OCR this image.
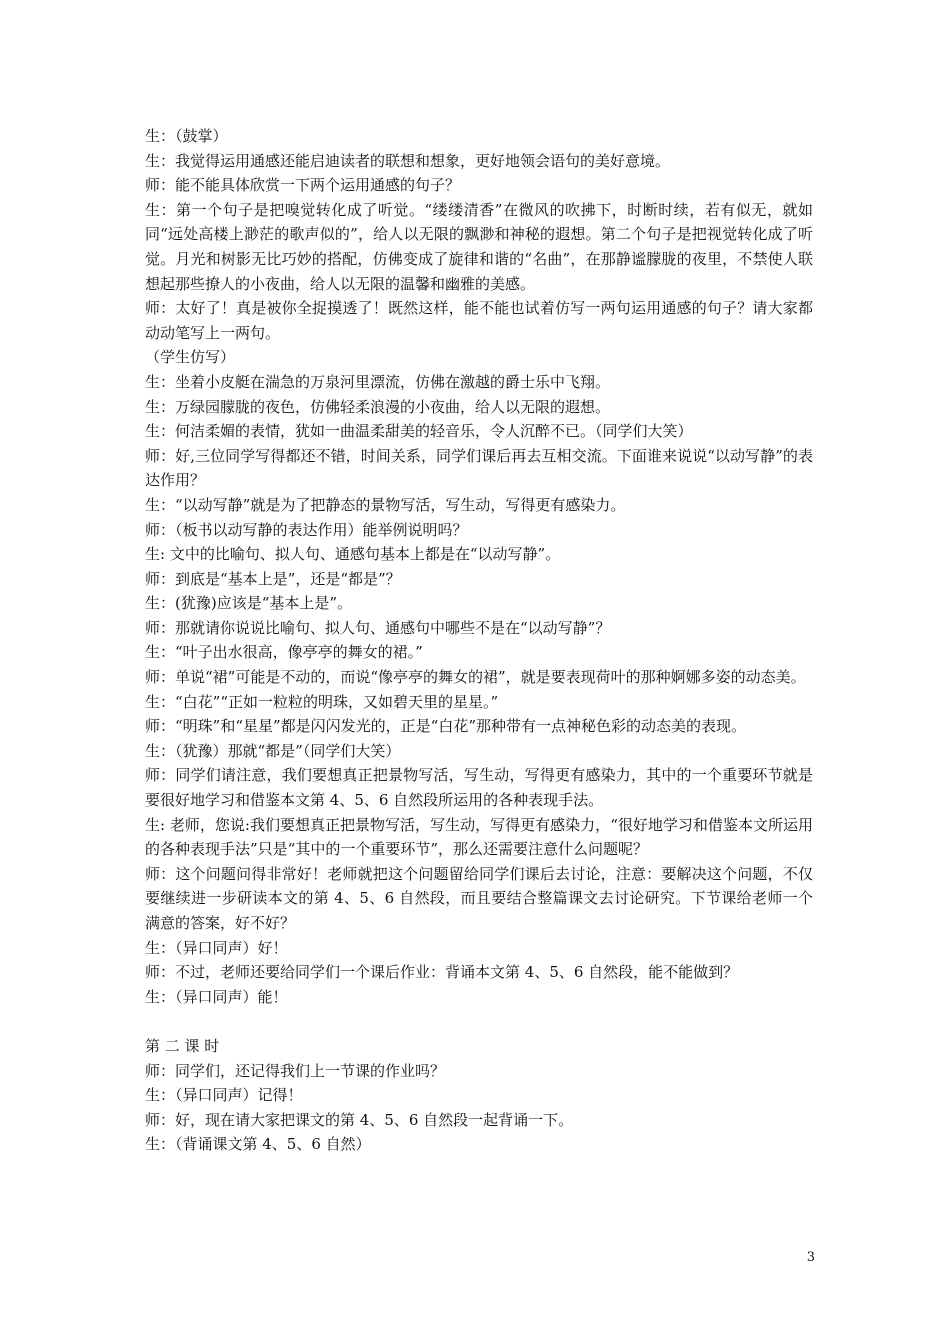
生：（鼓掌）

生：我觉得运用通感还能启迪读者的联想和想象，更好地领会语句的美好意境。

师：能不能具体欣赏一下两个运用通感的句子？

生：第一个句子是把嗅觉转化成了听觉。“缕缕清香”在微风的吹拂下，时断时续，若有似无，就如同“远处高楼上渺茫的歌声似的”，给人以无限的飘渺和神秘的遐想。第二个句子是把视觉转化成了听觉。月光和树影无比巧妙的搭配，仿佛变成了旋律和谐的“名曲”，在那静谧朦胧的夜里，不禁使人联想起那些撩人的小夜曲，给人以无限的温馨和幽雅的美感。

师：太好了！真是被你全捉摸透了！既然这样，能不能也试着仿写一两句运用通感的句子？请大家都动动笔写上一两句。

（学生仿写）

生：坐着小皮艇在湍急的万泉河里漂流，仿佛在激越的爵士乐中飞翔。

生：万绿园朦胧的夜色，仿佛轻柔浪漫的小夜曲，给人以无限的遐想。

生：何洁柔媚的表情，犹如一曲温柔甜美的轻音乐，令人沉醉不已。（同学们大笑）

师：好,三位同学写得都还不错，时间关系，同学们课后再去互相交流。下面谁来说说“以动写静”的表达作用？

生：“以动写静”就是为了把静态的景物写活，写生动，写得更有感染力。

师：（板书以动写静的表达作用）能举例说明吗？

生: 文中的比喻句、拟人句、通感句基本上都是在“以动写静”。

师：到底是“基本上是”，还是“都是”？

生：(犹豫)应该是“基本上是”。

师：那就请你说说比喻句、拟人句、通感句中哪些不是在“以动写静”？

生：“叶子出水很高，像亭亭的舞女的裙。”

师：单说“裙”可能是不动的，而说“像亭亭的舞女的裙”，就是要表现荷叶的那种婀娜多姿的动态美。

生：“白花”“正如一粒粒的明珠，又如碧天里的星星。”

师：“明珠”和“星星”都是闪闪发光的，正是“白花”那种带有一点神秘色彩的动态美的表现。

生：（犹豫）那就“都是”（同学们大笑）

师：同学们请注意，我们要想真正把景物写活，写生动，写得更有感染力，其中的一个重要环节就是要很好地学习和借鉴本文第 4、5、6 自然段所运用的各种表现手法。

生: 老师，您说:我们要想真正把景物写活，写生动，写得更有感染力，“很好地学习和借鉴本文所运用的各种表现手法”只是“其中的一个重要环节”，那么还需要注意什么问题呢？

师：这个问题问得非常好！老师就把这个问题留给同学们课后去讨论，注意：要解决这个问题，不仅要继续进一步研读本文的第 4、5、6 自然段，而且要结合整篇课文去讨论研究。下节课给老师一个满意的答案，好不好？

生：（异口同声）好！

师：不过，老师还要给同学们一个课后作业：背诵本文第 4、5、6 自然段，能不能做到？

生：（异口同声）能！

第 二 课 时

师：同学们，还记得我们上一节课的作业吗？

生：（异口同声）记得！

师：好，现在请大家把课文的第 4、5、6 自然段一起背诵一下。

生：（背诵课文第 4、5、6 自然）

3
